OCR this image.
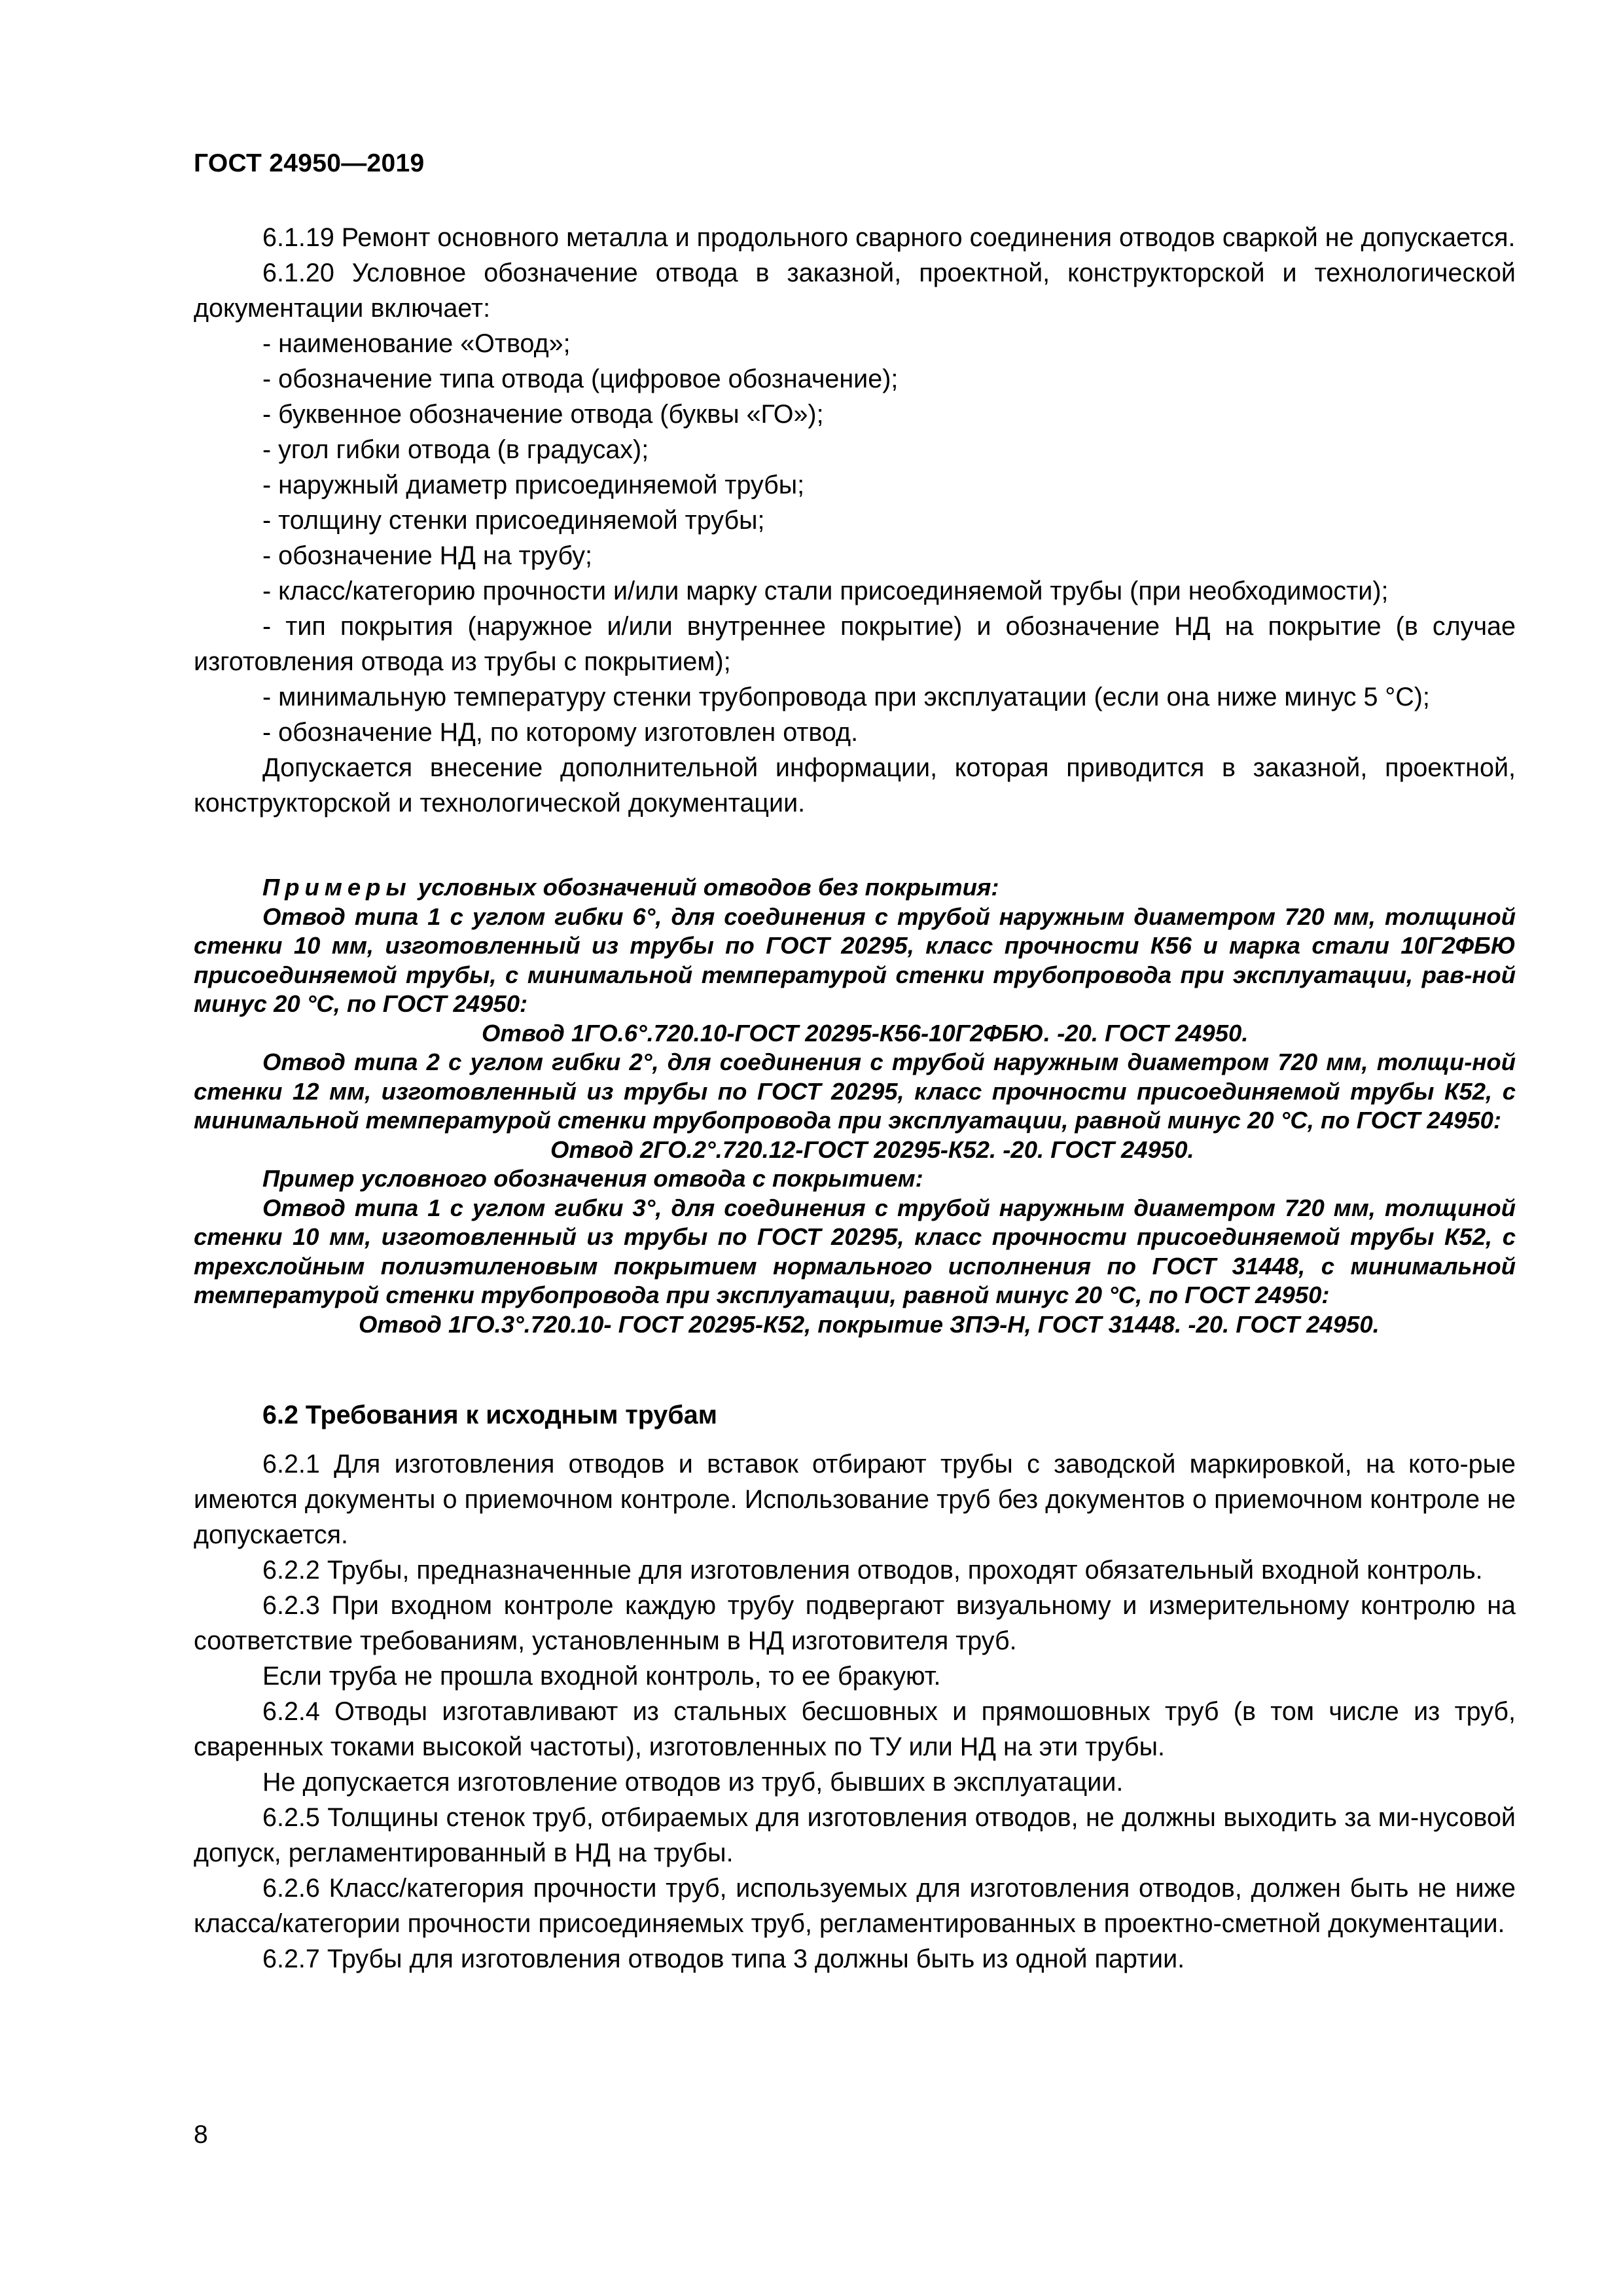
ГОСТ 24950—2019

6.1.19 Ремонт основного металла и продольного сварного соединения отводов сваркой не допускается.

6.1.20 Условное обозначение отвода в заказной, проектной, конструкторской и технологической документации включает:

- наименование «Отвод»;

- обозначение типа отвода (цифровое обозначение);

- буквенное обозначение отвода (буквы «ГО»);

- угол гибки отвода (в градусах);

- наружный диаметр присоединяемой трубы;

- толщину стенки присоединяемой трубы;

- обозначение НД на трубу;

- класс/категорию прочности и/или марку стали присоединяемой трубы (при необходимости);

- тип покрытия (наружное и/или внутреннее покрытие) и обозначение НД на покрытие (в случае изготовления отвода из трубы с покрытием);

- минимальную температуру стенки трубопровода при эксплуатации (если она ниже минус 5 °С);

- обозначение НД, по которому изготовлен отвод.

Допускается внесение дополнительной информации, которая приводится в заказной, проектной, конструкторской и технологической документации.

Примеры условных обозначений отводов без покрытия:

Отвод типа 1 с углом гибки 6°, для соединения с трубой наружным диаметром 720 мм, толщиной стенки 10 мм, изготовленный из трубы по ГОСТ 20295, класс прочности К56 и марка стали 10Г2ФБЮ присоединяемой трубы, с минимальной температурой стенки трубопровода при эксплуатации, рав-ной минус 20 °С, по ГОСТ 24950:

Отвод 1ГО.6°.720.10-ГОСТ 20295-К56-10Г2ФБЮ. -20. ГОСТ 24950.

Отвод типа 2 с углом гибки 2°, для соединения с трубой наружным диаметром 720 мм, толщи-ной стенки 12 мм, изготовленный из трубы по ГОСТ 20295, класс прочности присоединяемой трубы К52, с минимальной температурой стенки трубопровода при эксплуатации, равной минус 20 °С, по ГОСТ 24950:

Отвод 2ГО.2°.720.12-ГОСТ 20295-К52. -20. ГОСТ 24950.

Пример условного обозначения отвода с покрытием:

Отвод типа 1 с углом гибки 3°, для соединения с трубой наружным диаметром 720 мм, толщиной стенки 10 мм, изготовленный из трубы по ГОСТ 20295, класс прочности присоединяемой трубы К52, с трехслойным полиэтиленовым покрытием нормального исполнения по ГОСТ 31448, с минимальной температурой стенки трубопровода при эксплуатации, равной минус 20 °С, по ГОСТ 24950:

Отвод 1ГО.3°.720.10- ГОСТ 20295-К52, покрытие ЗПЭ-Н, ГОСТ 31448. -20. ГОСТ 24950.

6.2 Требования к исходным трубам

6.2.1 Для изготовления отводов и вставок отбирают трубы с заводской маркировкой, на кото-рые имеются документы о приемочном контроле. Использование труб без документов о приемочном контроле не допускается.

6.2.2 Трубы, предназначенные для изготовления отводов, проходят обязательный входной контроль.

6.2.3 При входном контроле каждую трубу подвергают визуальному и измерительному контролю на соответствие требованиям, установленным в НД изготовителя труб.

Если труба не прошла входной контроль, то ее бракуют.

6.2.4 Отводы изготавливают из стальных бесшовных и прямошовных труб (в том числе из труб, сваренных токами высокой частоты), изготовленных по ТУ или НД на эти трубы.

Не допускается изготовление отводов из труб, бывших в эксплуатации.

6.2.5 Толщины стенок труб, отбираемых для изготовления отводов, не должны выходить за ми-нусовой допуск, регламентированный в НД на трубы.

6.2.6 Класс/категория прочности труб, используемых для изготовления отводов, должен быть не ниже класса/категории прочности присоединяемых труб, регламентированных в проектно-сметной документации.

6.2.7 Трубы для изготовления отводов типа 3 должны быть из одной партии.

8
